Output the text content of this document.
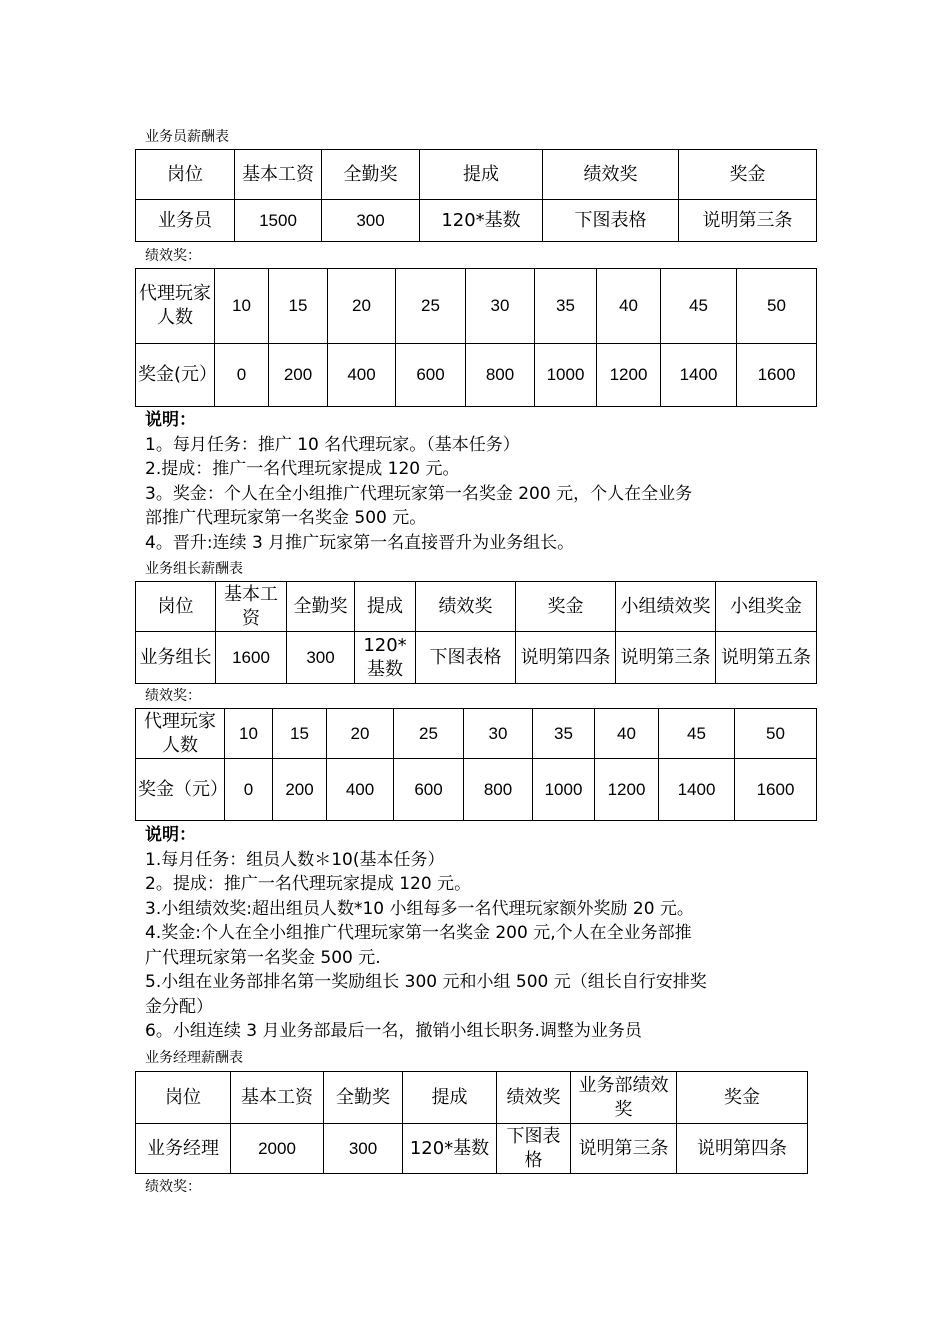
业务员薪酬表
岗位	基本工资	全勤奖	提成	绩效奖	奖金
业务员	1500	300	120*基数	下图表格	说明第三条
绩效奖：
代理玩家人数	10	15	20	25	30	35	40	45	50
奖金(元）	0	200	400	600	800	1000	1200	1400	1600
说明：
1。每月任务：推广 10 名代理玩家。（基本任务）
2.提成：推广一名代理玩家提成 120 元。
3。奖金：个人在全小组推广代理玩家第一名奖金 200 元，个人在全业务
部推广代理玩家第一名奖金 500 元。
4。晋升:连续 3 月推广玩家第一名直接晋升为业务组长。
业务组长薪酬表
岗位	基本工资	全勤奖	提成	绩效奖	奖金	小组绩效奖	小组奖金
业务组长	1600	300	120*基数	下图表格	说明第四条	说明第三条	说明第五条
绩效奖：
代理玩家人数	10	15	20	25	30	35	40	45	50
奖金（元）	0	200	400	600	800	1000	1200	1400	1600
说明：
1.每月任务：组员人数＊10(基本任务）
2。提成：推广一名代理玩家提成 120 元。
3.小组绩效奖:超出组员人数*10 小组每多一名代理玩家额外奖励 20 元。
4.奖金:个人在全小组推广代理玩家第一名奖金 200 元,个人在全业务部推
广代理玩家第一名奖金 500 元.
5.小组在业务部排名第一奖励组长 300 元和小组 500 元（组长自行安排奖
金分配）
6。小组连续 3 月业务部最后一名，撤销小组长职务.调整为业务员
业务经理薪酬表
岗位	基本工资	全勤奖	提成	绩效奖	业务部绩效奖	奖金
业务经理	2000	300	120*基数	下图表格	说明第三条	说明第四条
绩效奖：
